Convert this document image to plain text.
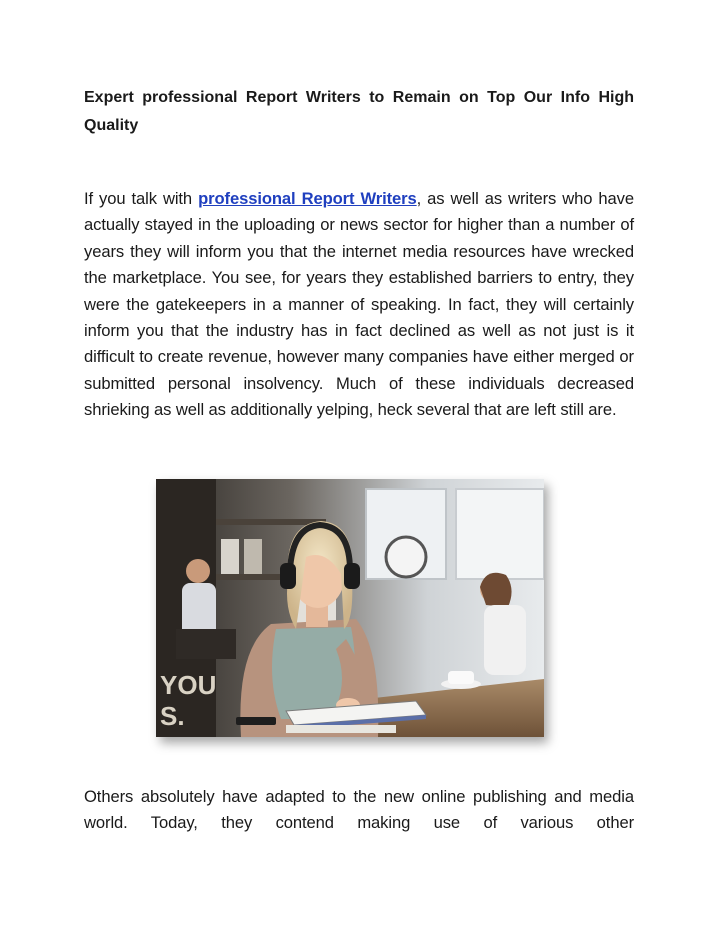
Expert professional Report Writers to Remain on Top Our Info High Quality

If you talk with professional Report Writers, as well as writers who have actually stayed in the uploading or news sector for higher than a number of years they will inform you that the internet media resources have wrecked the marketplace. You see, for years they established barriers to entry, they were the gatekeepers in a manner of speaking. In fact, they will certainly inform you that the industry has in fact declined as well as not just is it difficult to create revenue, however many companies have either merged or submitted personal insolvency. Much of these individuals decreased shrieking as well as additionally yelping, heck several that are left still are.

Others absolutely have adapted to the new online publishing and media world. Today, they contend making use of various other

YOU
S.
